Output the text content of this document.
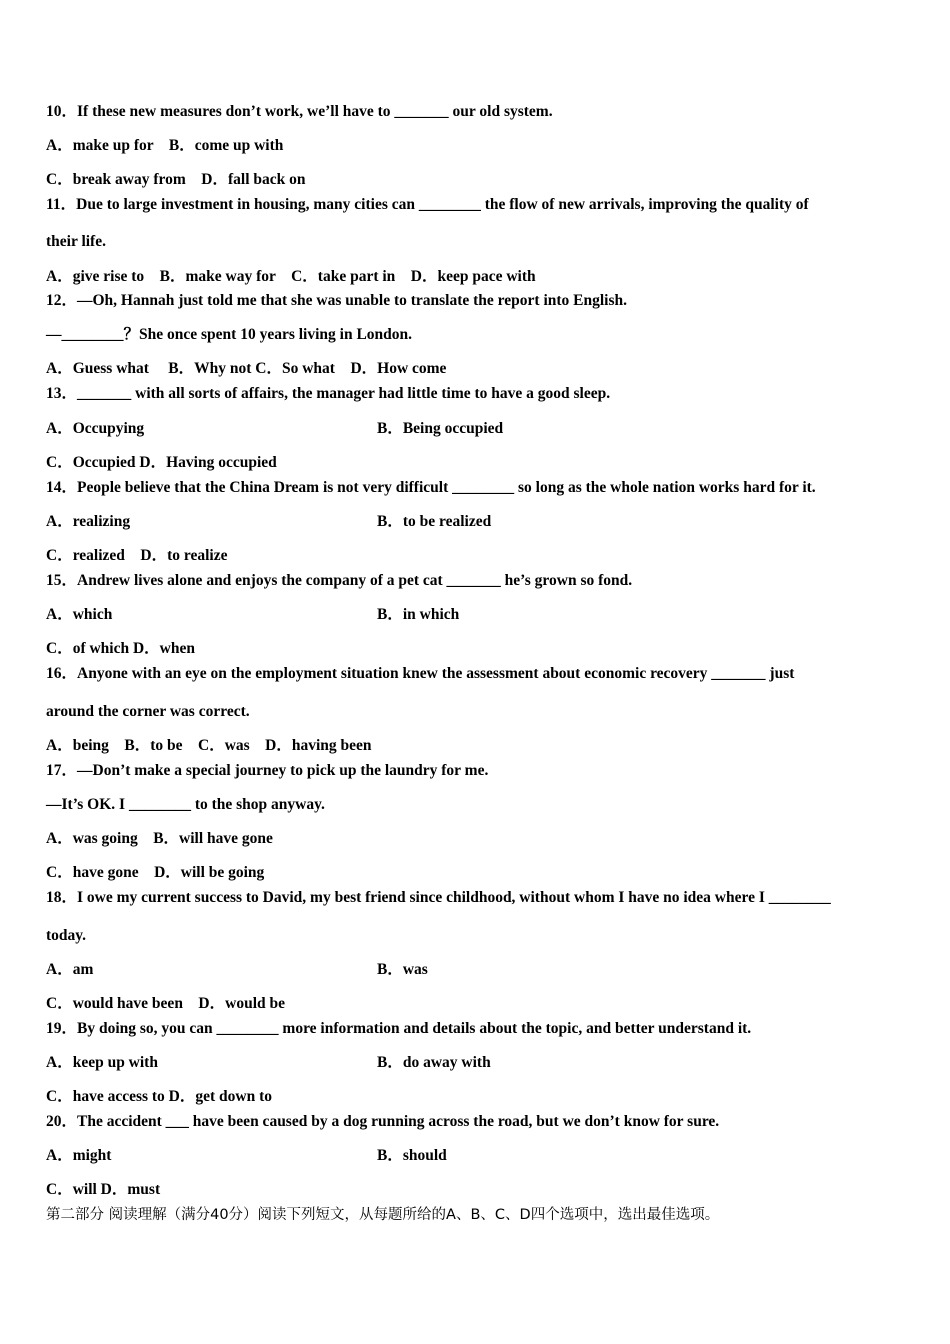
10．If these new measures don’t work, we’ll have to _______ our old system.
A．make up for　B．come up with
C．break away from　D．fall back on
11．Due to large investment in housing, many cities can ________ the flow of new arrivals, improving the quality of
their life.
A．give rise to　B．make way for　C．take part in　D．keep pace with
12．—Oh, Hannah just told me that she was unable to translate the report into English.
—________？She once spent 10 years living in London.
A．Guess what　 B．Why not C．So what　D．How come
13．_______ with all sorts of affairs, the manager had little time to have a good sleep.
A．Occupying	B．Being occupied
C．Occupied D．Having occupied
14．People believe that the China Dream is not very difficult ________ so long as the whole nation works hard for it.
A．realizing	B．to be realized
C．realized　D．to realize
15．Andrew lives alone and enjoys the company of a pet cat _______ he’s grown so fond.
A．which	B．in which
C．of which D．when
16．Anyone with an eye on the employment situation knew the assessment about economic recovery _______ just
around the corner was correct.
A．being　B．to be　C．was　D．having been
17．—Don’t make a special journey to pick up the laundry for me.
—It’s OK. I ________ to the shop anyway.
A．was going　B．will have gone
C．have gone　D．will be going
18．I owe my current success to David, my best friend since childhood, without whom I have no idea where I ________
today.
A．am	B．was
C．would have been　D．would be
19．By doing so, you can ________ more information and details about the topic, and better understand it.
A．keep up with	B．do away with
C．have access to D．get down to
20．The accident ___ have been caused by a dog running across the road, but we don’t know for sure.
A．might	B．should
C．will D．must
第二部分 阅读理解（满分40分）阅读下列短文，从每题所给的A、B、C、D四个选项中，选出最佳选项。
